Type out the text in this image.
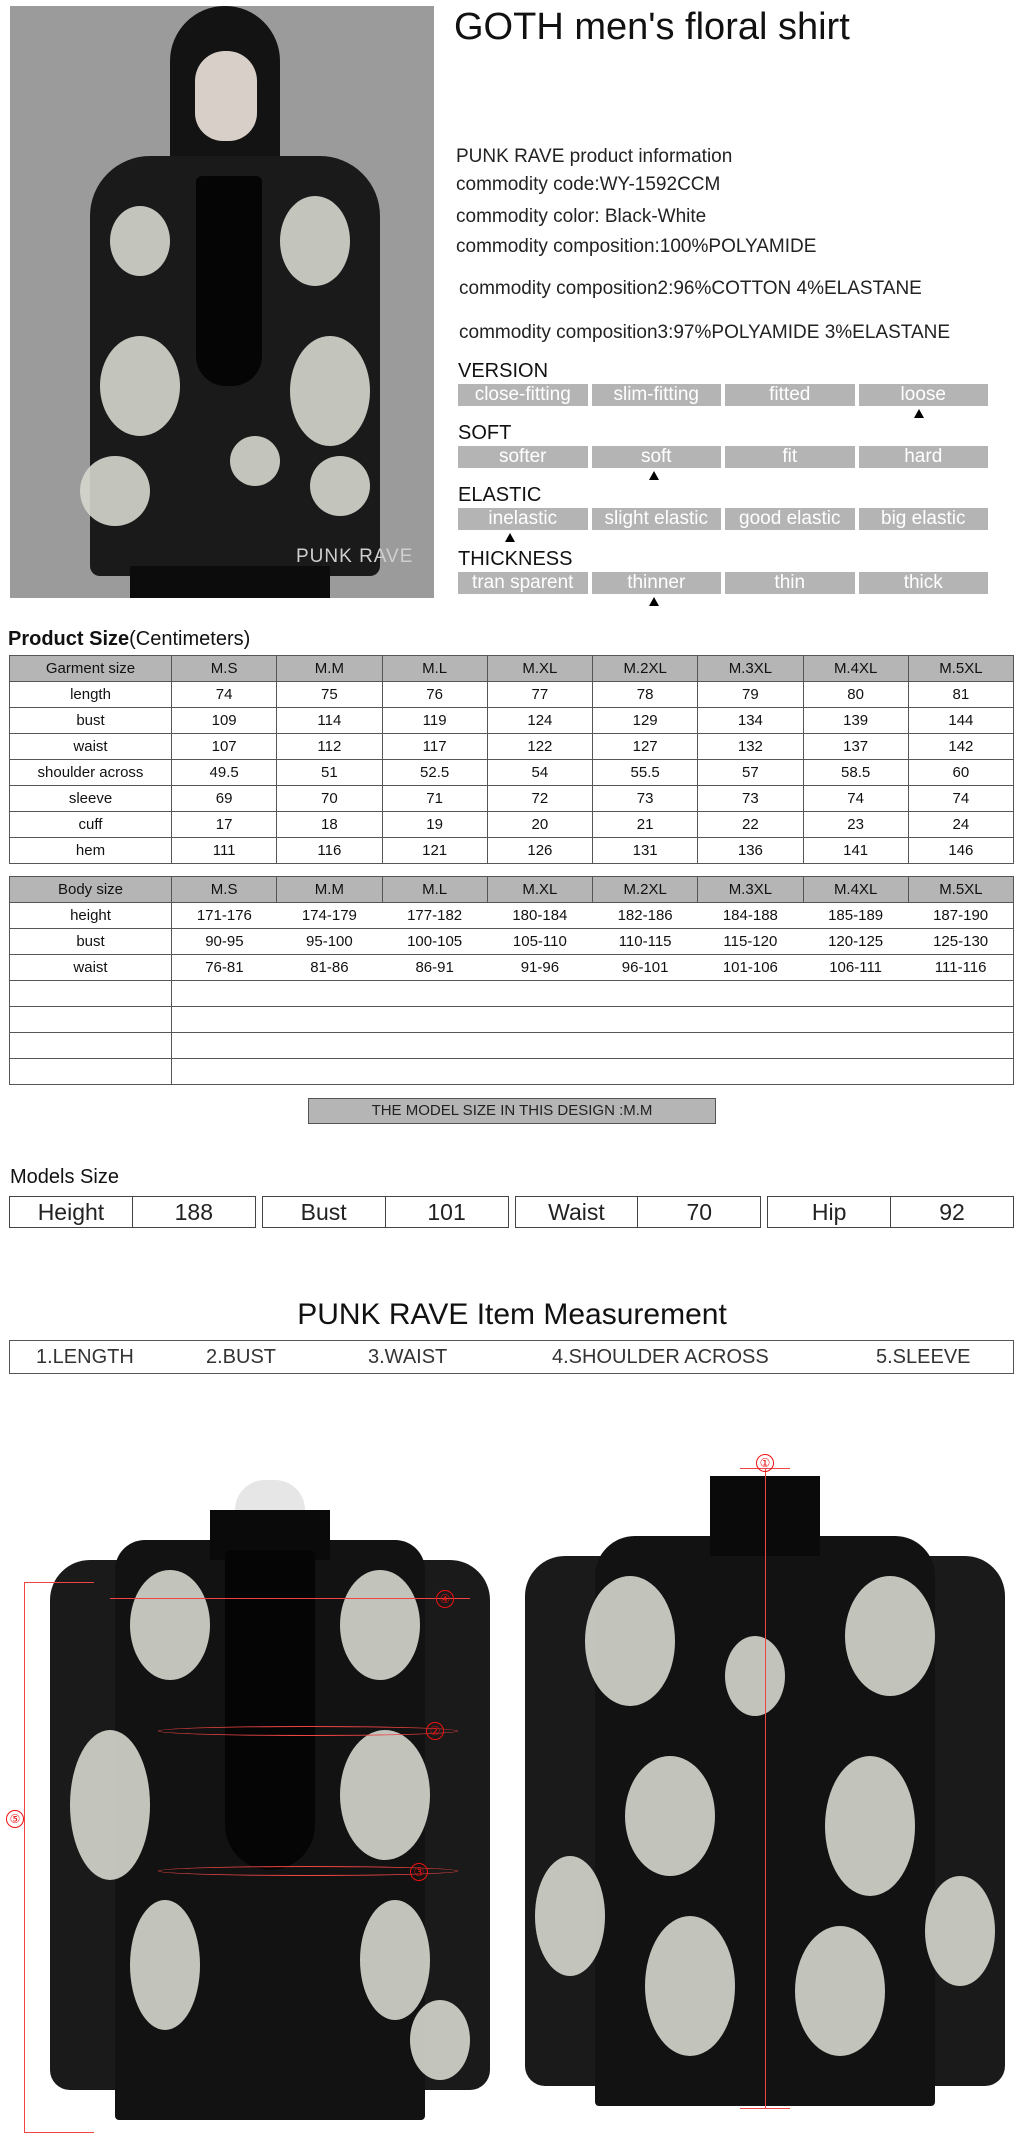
PUNK RAVE
GOTH men's floral shirt
PUNK RAVE product information
commodity code:WY-1592CCM
commodity color: Black-White
commodity composition:100%POLYAMIDE
commodity composition2:96%COTTON 4%ELASTANE
commodity composition3:97%POLYAMIDE 3%ELASTANE
VERSION
close-fitting	slim-fitting	fitted	loose
SOFT
softer	soft	fit	hard
ELASTIC
inelastic	slight elastic	good elastic	big elastic
THICKNESS
tran sparent	thinner	thin	thick
Product Size(Centimeters)
Garment size	M.S	M.M	M.L	M.XL	M.2XL	M.3XL	M.4XL	M.5XL
length	74	75	76	77	78	79	80	81
bust	109	114	119	124	129	134	139	144
waist	107	112	117	122	127	132	137	142
shoulder across	49.5	51	52.5	54	55.5	57	58.5	60
sleeve	69	70	71	72	73	73	74	74
cuff	17	18	19	20	21	22	23	24
hem	111	116	121	126	131	136	141	146
Body size	M.S	M.M	M.L	M.XL	M.2XL	M.3XL	M.4XL	M.5XL
height	171-176	174-179	177-182	180-184	182-186	184-188	185-189	187-190
bust	90-95	95-100	100-105	105-110	110-115	115-120	120-125	125-130
waist	76-81	81-86	86-91	91-96	96-101	101-106	106-111	111-116

THE MODEL SIZE IN THIS DESIGN :M.M
Models Size
Height	188	Bust	101	Waist	70	Hip	92
PUNK RAVE Item Measurement
1.LENGTH	2.BUST	3.WAIST	4.SHOULDER ACROSS	5.SLEEVE
⑤
④
②
③
①
